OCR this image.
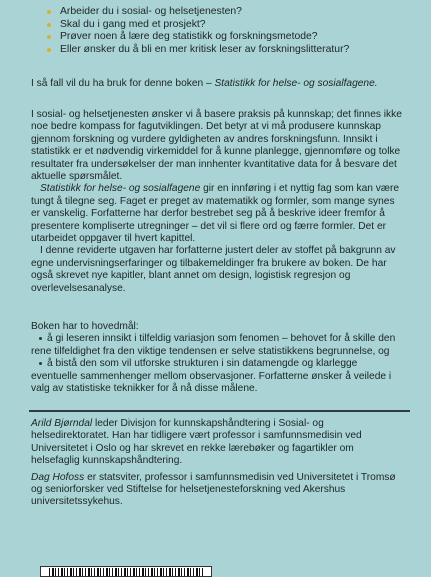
Arbeider du i sosial- og helsetjenesten?
Skal du i gang med et prosjekt?
Prøver noen å lære deg statistikk og forskningsmetode?
Eller ønsker du å bli en mer kritisk leser av forskningslitteratur?
I så fall vil du ha bruk for denne boken – Statistikk for helse- og sosialfagene.

I sosial- og helsetjenesten ønsker vi å basere praksis på kunnskap; det finnes ikke noe bedre kompass for fagutviklingen. Det betyr at vi må produsere kunnskap gjennom forskning og vurdere gyldigheten av andres forskningsfunn. Innsikt i statistikk er et nødvendig virkemiddel for å kunne planlegge, gjennomføre og tolke resultater fra undersøkelser der man innhenter kvantitative data for å besvare det aktuelle spørsmålet.

Statistikk for helse- og sosialfagene gir en innføring i et nyttig fag som kan være tungt å tilegne seg. Faget er preget av matematikk og formler, som mange synes er vanskelig. Forfatterne har derfor bestrebet seg på å beskrive ideer fremfor å presentere kompliserte utregninger – det vil si flere ord og færre formler. Det er utarbeidet oppgaver til hvert kapittel.

I denne reviderte utgaven har forfatterne justert deler av stoffet på bakgrunn av egne undervisningserfaringer og tilbakemeldinger fra brukere av boken. De har også skrevet nye kapitler, blant annet om design, logistisk regresjon og overlevelsesanalyse.

Boken har to hovedmål:

å gi leseren innsikt i tilfeldig variasjon som fenomen – behovet for å skille den rene tilfeldighet fra den viktige tendensen er selve statistikkens begrunnelse, og
å bistå den som vil utforske strukturen i sin datamengde og klarlegge eventuelle sammenhenger mellom observasjoner. Forfatterne ønsker å veilede i valg av statistiske teknikker for å nå disse målene.

Arild Bjørndal leder Divisjon for kunnskapshåndtering i Sosial- og helsedirektoratet. Han har tidligere vært professor i samfunnsmedisin ved Universitetet i Oslo og har skrevet en rekke lærebøker og fagartikler om helsefaglig kunnskapshåndtering.

Dag Hofoss er statsviter, professor i samfunnsmedisin ved Universitetet i Tromsø og seniorforsker ved Stiftelse for helsetjenesteforskning ved Akershus universitetssykehus.
